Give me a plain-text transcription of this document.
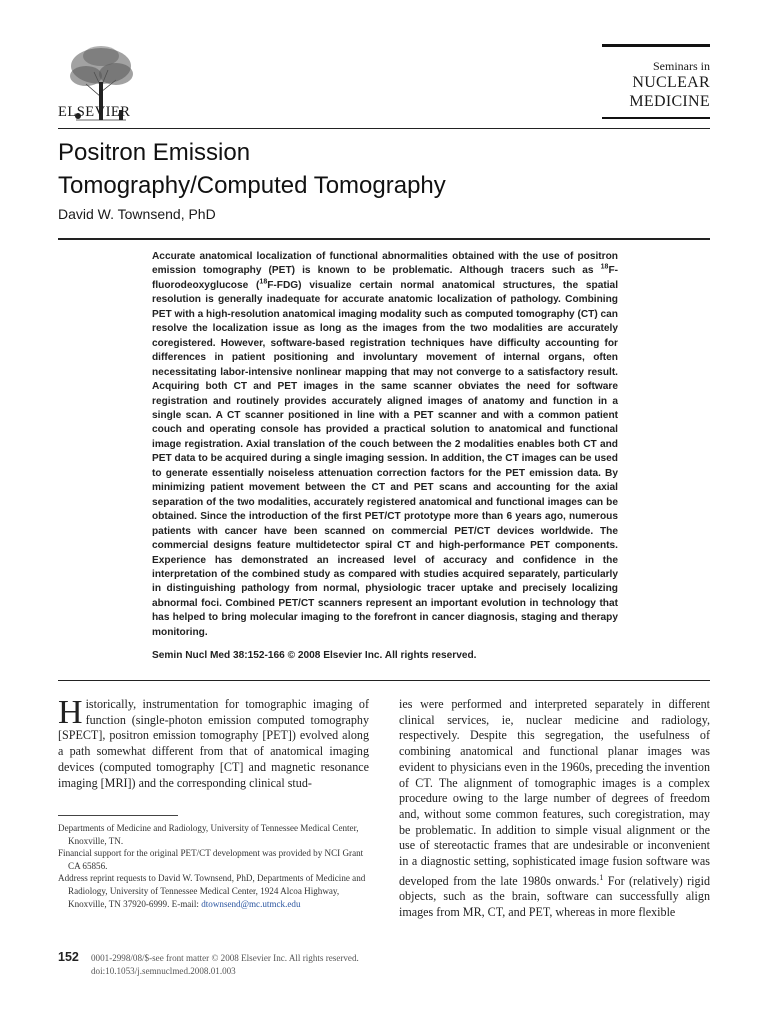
ELSEVIER
Seminars in
NUCLEAR
MEDICINE
Positron Emission
Tomography/Computed Tomography
David W. Townsend, PhD

Accurate anatomical localization of functional abnormalities obtained with the use of positron emission tomography (PET) is known to be problematic. Although tracers such as $^{18}$F-fluorodeoxyglucose ($^{18}$F-FDG) visualize certain normal anatomical structures, the spatial resolution is generally inadequate for accurate anatomic localization of pathology. Combining PET with a high-resolution anatomical imaging modality such as computed tomography (CT) can resolve the localization issue as long as the images from the two modalities are accurately coregistered. However, software-based registration techniques have difficulty accounting for differences in patient positioning and involuntary movement of internal organs, often necessitating labor-intensive nonlinear mapping that may not converge to a satisfactory result. Acquiring both CT and PET images in the same scanner obviates the need for software registration and routinely provides accurately aligned images of anatomy and function in a single scan. A CT scanner positioned in line with a PET scanner and with a common patient couch and operating console has provided a practical solution to anatomical and functional image registration. Axial translation of the couch between the 2 modalities enables both CT and PET data to be acquired during a single imaging session. In addition, the CT images can be used to generate essentially noiseless attenuation correction factors for the PET emission data. By minimizing patient movement between the CT and PET scans and accounting for the axial separation of the two modalities, accurately registered anatomical and functional images can be obtained. Since the introduction of the first PET/CT prototype more than 6 years ago, numerous patients with cancer have been scanned on commercial PET/CT devices worldwide. The commercial designs feature multidetector spiral CT and high-performance PET components. Experience has demonstrated an increased level of accuracy and confidence in the interpretation of the combined study as compared with studies acquired separately, particularly in distinguishing pathology from normal, physiologic tracer uptake and precisely localizing abnormal foci. Combined PET/CT scanners represent an important evolution in technology that has helped to bring molecular imaging to the forefront in cancer diagnosis, staging and therapy monitoring.

Semin Nucl Med 38:152-166 © 2008 Elsevier Inc. All rights reserved.

Historically, instrumentation for tomographic imaging of function (single-photon emission computed tomography [SPECT], positron emission tomography [PET]) evolved along a path somewhat different from that of anatomical imaging devices (computed tomography [CT] and magnetic resonance imaging [MRI]) and the corresponding clinical stud-

ies were performed and interpreted separately in different clinical services, ie, nuclear medicine and radiology, respectively. Despite this segregation, the usefulness of combining anatomical and functional planar images was evident to physicians even in the 1960s, preceding the invention of CT. The alignment of tomographic images is a complex procedure owing to the large number of degrees of freedom and, without some common features, such coregistration, may be problematic. In addition to simple visual alignment or the use of stereotactic frames that are undesirable or inconvenient in a diagnostic setting, sophisticated image fusion software was developed from the late 1980s onwards.$^1$ For (relatively) rigid objects, such as the brain, software can successfully align images from MR, CT, and PET, whereas in more flexible

Departments of Medicine and Radiology, University of Tennessee Medical Center, Knoxville, TN.
Financial support for the original PET/CT development was provided by NCI Grant CA 65856.
Address reprint requests to David W. Townsend, PhD, Departments of Medicine and Radiology, University of Tennessee Medical Center, 1924 Alcoa Highway, Knoxville, TN 37920-6999. E-mail: dtownsend@mc.utmck.edu
152 0001-2998/08/$-see front matter © 2008 Elsevier Inc. All rights reserved.
doi:10.1053/j.semnuclmed.2008.01.003
